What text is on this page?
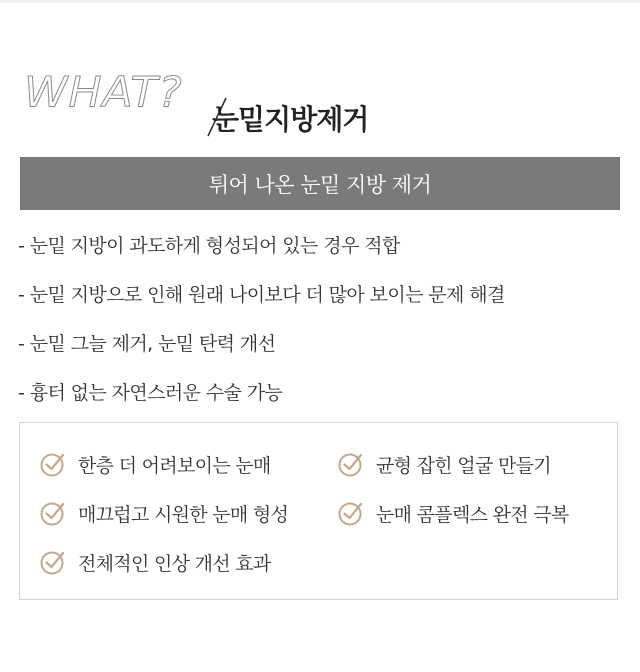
WHAT?
눈밑지방제거
튀어 나온 눈밑 지방 제거
- 눈밑 지방이 과도하게 형성되어 있는 경우 적합
- 눈밑 지방으로 인해 원래 나이보다 더 많아 보이는 문제 해결
- 눈밑 그늘 제거, 눈밑 탄력 개선
- 흉터 없는 자연스러운 수술 가능
한층 더 어려보이는 눈매	균형 잡힌 얼굴 만들기
매끄럽고 시원한 눈매 형성	눈매 콤플렉스 완전 극복
전체적인 인상 개선 효과
